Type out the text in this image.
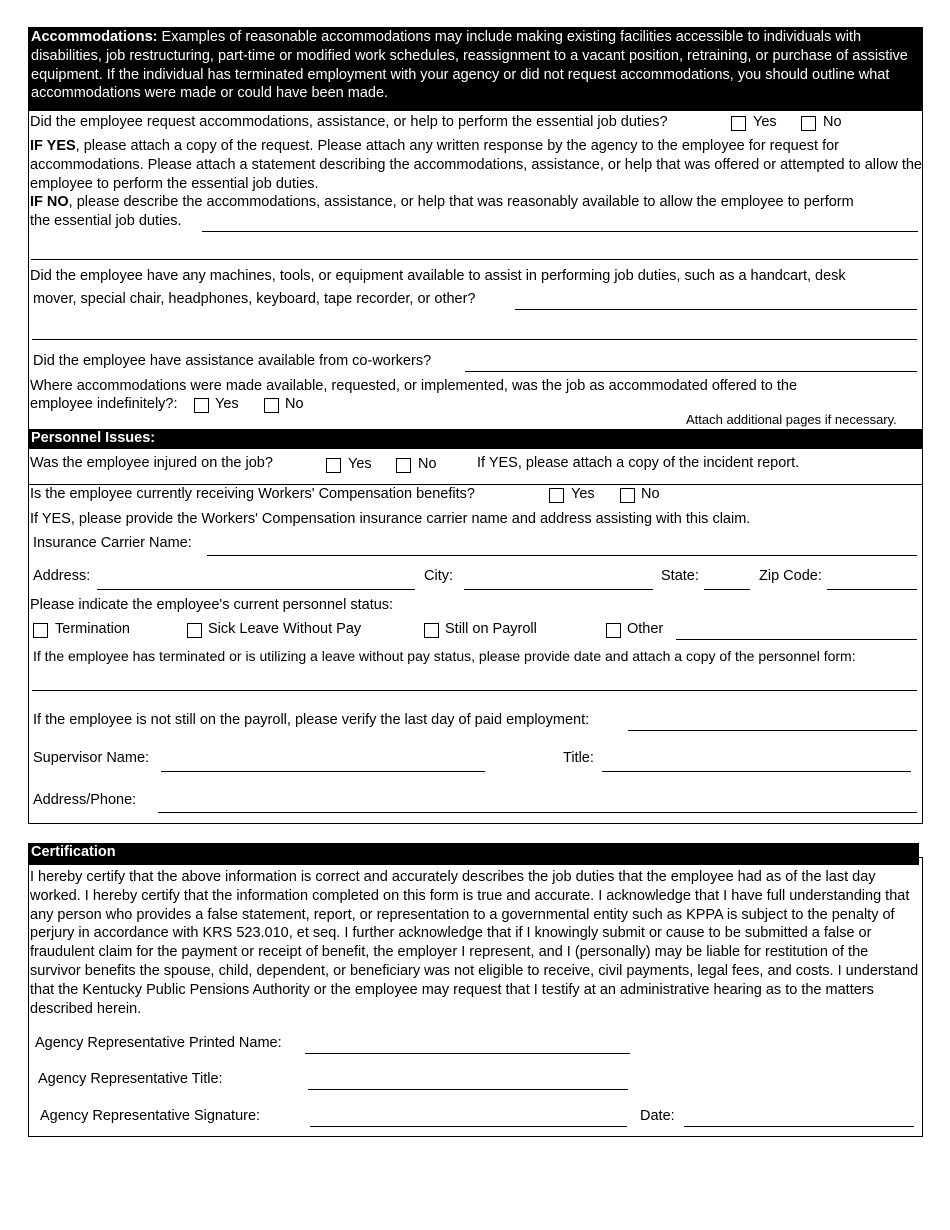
Accommodations: Examples of reasonable accommodations may include making existing facilities accessible to individuals with disabilities, job restructuring, part-time or modified work schedules, reassignment to a vacant position, retraining, or purchase of assistive equipment. If the individual has terminated employment with your agency or did not request accommodations, you should outline what accommodations were made or could have been made.
Did the employee request accommodations, assistance, or help to perform the essential job duties?	Yes	No
IF YES, please attach a copy of the request. Please attach any written response by the agency to the employee for request for accommodations. Please attach a statement describing the accommodations, assistance, or help that was offered or attempted to allow the employee to perform the essential job duties.
IF NO, please describe the accommodations, assistance, or help that was reasonably available to allow the employee to perform
the essential job duties.
Did the employee have any machines, tools, or equipment available to assist in performing job duties, such as a handcart, desk
mover, special chair, headphones, keyboard, tape recorder, or other?
Did the employee have assistance available from co-workers?
Where accommodations were made available, requested, or implemented, was the job as accommodated offered to the
employee indefinitely?:	Yes	No
Attach additional pages if necessary.
Personnel Issues:
Was the employee injured on the job?	Yes	No	If YES, please attach a copy of the incident report.
Is the employee currently receiving Workers' Compensation benefits?	Yes	No
If YES, please provide the Workers' Compensation insurance carrier name and address assisting with this claim.
Insurance Carrier Name:
Address:	City:	State:	Zip Code:
Please indicate the employee's current personnel status:
Termination	Sick Leave Without Pay	Still on Payroll	Other
If the employee has terminated or is utilizing a leave without pay status, please provide date and attach a copy of the personnel form:
If the employee is not still on the payroll, please verify the last day of paid employment:
Supervisor Name:	Title:
Address/Phone:
Certification
I hereby certify that the above information is correct and accurately describes the job duties that the employee had as of the last day worked. I hereby certify that the information completed on this form is true and accurate. I acknowledge that I have full understanding that any person who provides a false statement, report, or representation to a governmental entity such as KPPA is subject to the penalty of perjury in accordance with KRS 523.010, et seq. I further acknowledge that if I knowingly submit or cause to be submitted a false or fraudulent claim for the payment or receipt of benefit, the employer I represent, and I (personally) may be liable for restitution of the survivor benefits the spouse, child, dependent, or beneficiary was not eligible to receive, civil payments, legal fees, and costs. I understand that the Kentucky Public Pensions Authority or the employee may request that I testify at an administrative hearing as to the matters described herein.
Agency Representative Printed Name:
Agency Representative Title:
Agency Representative Signature:	Date:
